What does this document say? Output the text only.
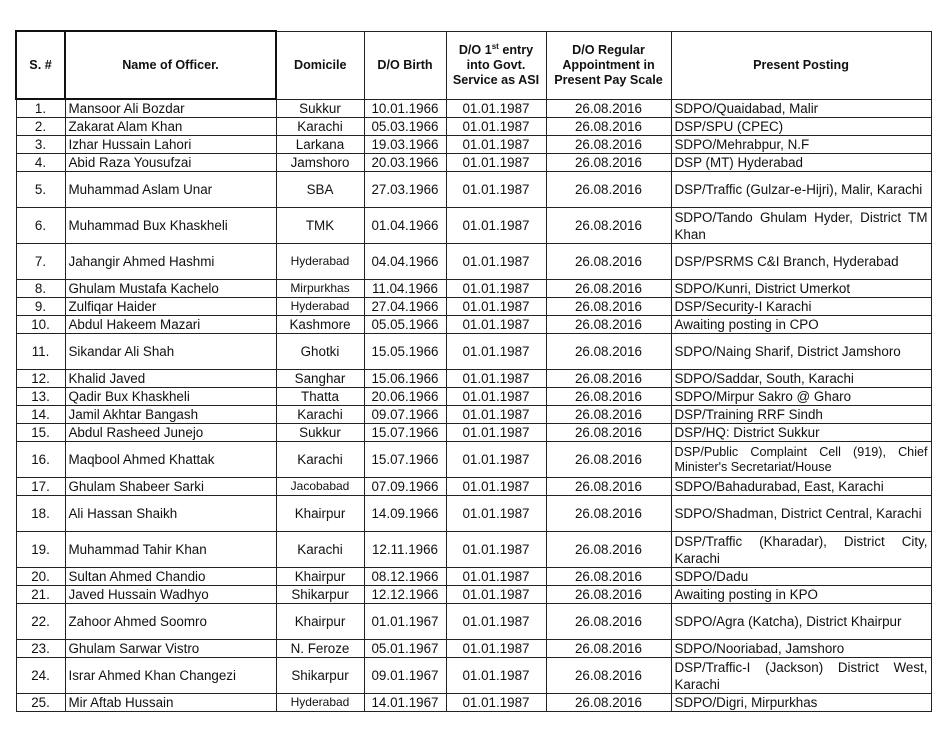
S. #	Name of Officer.	Domicile	D/O Birth	D/O 1st entry into Govt. Service as ASI	D/O Regular Appointment in Present Pay Scale	Present Posting
1.	Mansoor Ali Bozdar	Sukkur	10.01.1966	01.01.1987	26.08.2016	SDPO/Quaidabad, Malir
2.	Zakarat Alam Khan	Karachi	05.03.1966	01.01.1987	26.08.2016	DSP/SPU (CPEC)
3.	Izhar Hussain Lahori	Larkana	19.03.1966	01.01.1987	26.08.2016	SDPO/Mehrabpur, N.F
4.	Abid Raza Yousufzai	Jamshoro	20.03.1966	01.01.1987	26.08.2016	DSP (MT) Hyderabad
5.	Muhammad Aslam Unar	SBA	27.03.1966	01.01.1987	26.08.2016	DSP/Traffic (Gulzar-e-Hijri), Malir, Karachi
6.	Muhammad Bux Khaskheli	TMK	01.04.1966	01.01.1987	26.08.2016	SDPO/Tando Ghulam Hyder, District TM Khan
7.	Jahangir Ahmed Hashmi	Hyderabad	04.04.1966	01.01.1987	26.08.2016	DSP/PSRMS C&I Branch, Hyderabad
8.	Ghulam Mustafa Kachelo	Mirpurkhas	11.04.1966	01.01.1987	26.08.2016	SDPO/Kunri, District Umerkot
9.	Zulfiqar Haider	Hyderabad	27.04.1966	01.01.1987	26.08.2016	DSP/Security-I Karachi
10.	Abdul Hakeem Mazari	Kashmore	05.05.1966	01.01.1987	26.08.2016	Awaiting posting in CPO
11.	Sikandar Ali Shah	Ghotki	15.05.1966	01.01.1987	26.08.2016	SDPO/Naing Sharif, District Jamshoro
12.	Khalid Javed	Sanghar	15.06.1966	01.01.1987	26.08.2016	SDPO/Saddar, South, Karachi
13.	Qadir Bux Khaskheli	Thatta	20.06.1966	01.01.1987	26.08.2016	SDPO/Mirpur Sakro @ Gharo
14.	Jamil Akhtar Bangash	Karachi	09.07.1966	01.01.1987	26.08.2016	DSP/Training RRF Sindh
15.	Abdul Rasheed Junejo	Sukkur	15.07.1966	01.01.1987	26.08.2016	DSP/HQ: District Sukkur
16.	Maqbool Ahmed Khattak	Karachi	15.07.1966	01.01.1987	26.08.2016	DSP/Public Complaint Cell (919), Chief Minister's Secretariat/House
17.	Ghulam Shabeer Sarki	Jacobabad	07.09.1966	01.01.1987	26.08.2016	SDPO/Bahadurabad, East, Karachi
18.	Ali Hassan Shaikh	Khairpur	14.09.1966	01.01.1987	26.08.2016	SDPO/Shadman, District Central, Karachi
19.	Muhammad Tahir Khan	Karachi	12.11.1966	01.01.1987	26.08.2016	DSP/Traffic (Kharadar), District City, Karachi
20.	Sultan Ahmed Chandio	Khairpur	08.12.1966	01.01.1987	26.08.2016	SDPO/Dadu
21.	Javed Hussain Wadhyo	Shikarpur	12.12.1966	01.01.1987	26.08.2016	Awaiting posting in KPO
22.	Zahoor Ahmed Soomro	Khairpur	01.01.1967	01.01.1987	26.08.2016	SDPO/Agra (Katcha), District Khairpur
23.	Ghulam Sarwar Vistro	N. Feroze	05.01.1967	01.01.1987	26.08.2016	SDPO/Nooriabad, Jamshoro
24.	Israr Ahmed Khan Changezi	Shikarpur	09.01.1967	01.01.1987	26.08.2016	DSP/Traffic-I (Jackson) District West, Karachi
25.	Mir Aftab Hussain	Hyderabad	14.01.1967	01.01.1987	26.08.2016	SDPO/Digri, Mirpurkhas
